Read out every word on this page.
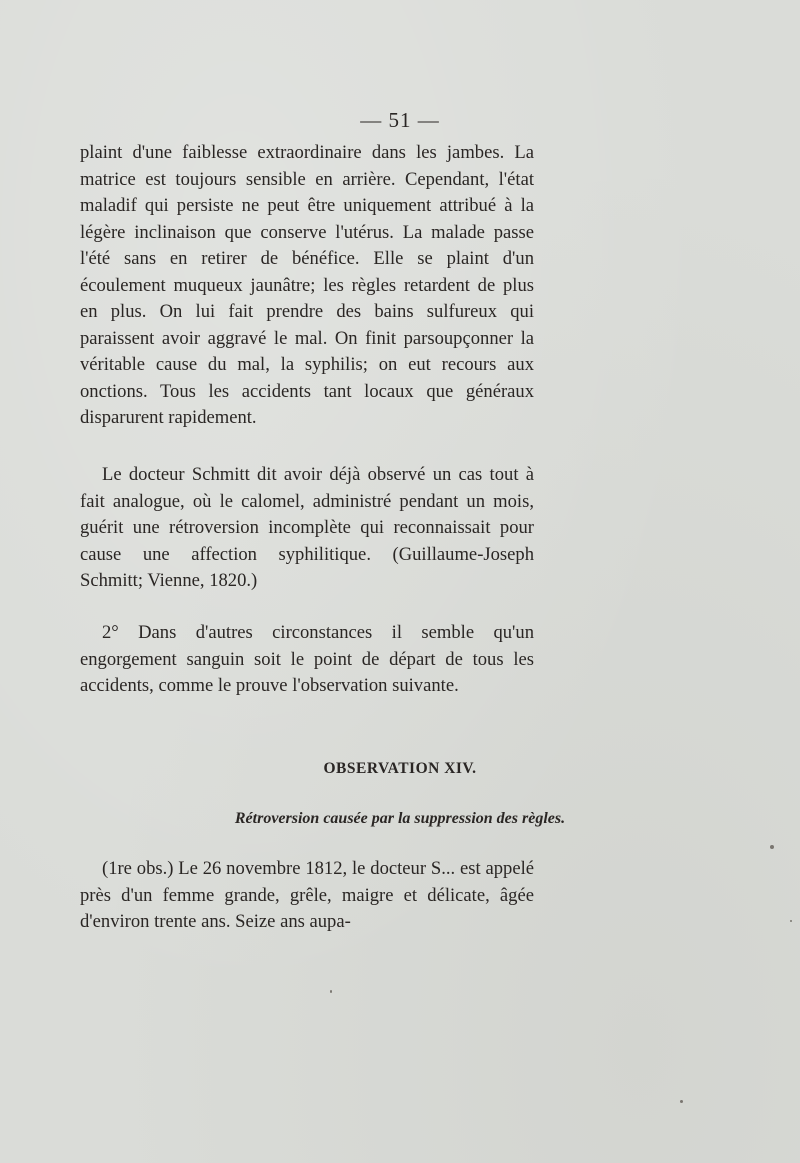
— 51 —

plaint d'une faiblesse extraordinaire dans les jambes. La matrice est toujours sensible en arrière. Cependant, l'état maladif qui persiste ne peut être uniquement attribué à la légère inclinaison que conserve l'utérus. La malade passe l'été sans en retirer de bénéfice. Elle se plaint d'un écoulement muqueux jaunâtre; les règles retardent de plus en plus. On lui fait prendre des bains sulfureux qui paraissent avoir aggravé le mal. On finit parsoupçonner la véritable cause du mal, la syphilis; on eut recours aux onctions. Tous les accidents tant locaux que généraux disparurent rapidement.

Le docteur Schmitt dit avoir déjà observé un cas tout à fait analogue, où le calomel, administré pendant un mois, guérit une rétroversion incomplète qui reconnaissait pour cause une affection syphilitique. (Guillaume-Joseph Schmitt; Vienne, 1820.)

2° Dans d'autres circonstances il semble qu'un engorgement sanguin soit le point de départ de tous les accidents, comme le prouve l'observation suivante.

OBSERVATION XIV.
Rétroversion causée par la suppression des règles.

(1re obs.) Le 26 novembre 1812, le docteur S... est appelé près d'un femme grande, grêle, maigre et délicate, âgée d'environ trente ans. Seize ans aupa-
